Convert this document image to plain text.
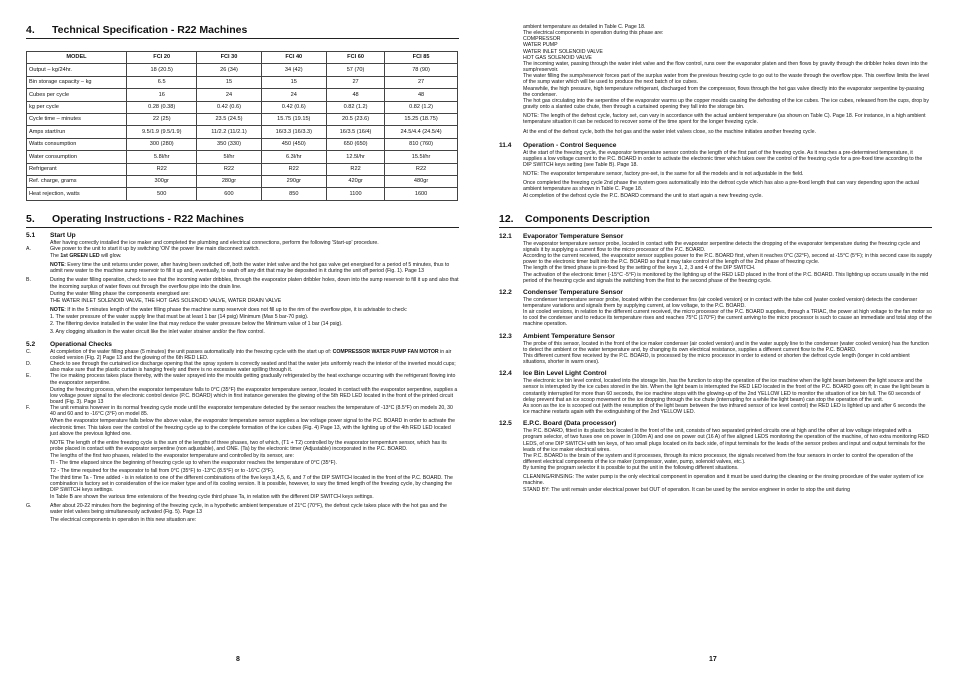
4.	Technical Specification - R22 Machines
MODEL	FCI 20	FCI 30	FCI 40	FCI 60	FCI 85
Output – kg/24hr.	18 (20.5)	26 (34)	34 (42)	57 (70)	78 (90)
Bin storage capacity – kg	6.5	15	15	27	27
Cubes per cycle	16	24	24	48	48
kg per cycle	0.28 (0.38)	0.42 (0.6)	0.42 (0.6)	0.82 (1.2)	0.82 (1.2)
Cycle time – minutes	22 (25)	23.5 (24.5)	15.75 (19.15)	20.5 (23.6)	15.25 (18.75)
Amps start/run	9.5/1.9 (9.5/1.9)	11/2.2 (11/2.1)	16/3.3 (16/3.3)	16/3.5 (16/4)	24.5/4.4 (24.5/4)
Watts consumption	300 (280)	350 (330)	450 (450)	650 (650)	810 (760)
Water consumption	5.8l/hr	5l/hr	6.3l/hr	12.5l/hr	15.5l/hr
Refrigerant	R22	R22	R22	R22	R22
Ref. charge, grams	300gr	280gr	290gr	420gr	480gr
Heat rejection, watts	500	600	850	1100	1600
5.	Operating Instructions - R22 Machines
5.1	Start Up

After having correctly installed the ice maker and completed the plumbing and electrical connections, perform the following 'Start-up' procedure.

A.	Give power to the unit to start it up by switching 'ON' the power line main disconnect switch.

The 1st GREEN LED will glow.

NOTE: Every time the unit returns under power, after having been switched off, both the water inlet valve and the hot gas valve get energised for a period of 5 minutes, thus to admit new water to the machine sump reservoir to fill it up and, eventually, to wash off any dirt that may be deposited in it during the unit off period (Fig. 1). Page 13

B.	During the water filling operation, check to see that the incoming water dribbles, through the evaporator platen dribbler holes, down into the sump reservoir to fill it up and also that the incoming surplus of water flows out through the overflow pipe into the drain line.

During the water filling phase the components energised are:

THE WATER INLET SOLENOID VALVE, THE HOT GAS SOLENOID VALVE, WATER DRAIN VALVE

NOTE: If in the 5 minutes length of the water filling phase the machine sump reservoir does not fill up to the rim of the overflow pipe, it is advisable to check:

1. The water pressure of the water supply line that must be at least 1 bar (14 psig) Minimum (Max 5 bar-70 psig).

2. The filtering device installed in the water line that may reduce the water pressure below the Minimum value of 1 bar (14 psig).

3. Any clogging situation in the water circuit like the inlet water strainer and/or the flow control.

5.2	Operational Checks
C.	At completion of the water filling phase (5 minutes) the unit passes automatically into the freezing cycle with the start up of: COMPRESSOR WATER PUMP FAN MOTOR in air cooled version (Fig. 2) Page 13 and the glowing of the 6th RED LED.

D.	Check to see through the curtained ice discharge opening that the spray system is correctly seated and that the water jets uniformly reach the interior of the inverted mould cups; also make sure that the plastic curtain is hanging freely and there is no excessive water spilling through it.

E.	The ice making process takes place thereby, with the water sprayed into the moulds getting gradually refrigerated by the heat exchange occurring with the refrigerant flowing into the evaporator serpentine.

During the freezing process, when the evaporator temperature falls to 0°C (35°F) the evaporator temperature sensor, located in contact with the evaporator serpentine, supplies a low voltage power signal to the electronic control device (P.C. BOARD) which in first instance generates the glowing of the 5th RED LED located in the front of the printed circuit board (Fig. 3). Page 13

F.	The unit remains however in its normal freezing cycle mode until the evaporator temperature detected by the sensor reaches the temperature of -13°C (8.5°F) on models 20, 30 40 and 60 and to -16°C (3°F) on model 85.

When the evaporator temperature falls below the above value, the evaporator temperature sensor supplies a low voltage power signal to the P.C. BOARD in order to activate the electronic timer. This takes over the control of the freezing cycle up to the complete formation of the ice cubes (Fig. 4) Page 13, with the lighting up of the 4th RED LED located just above the previous lighted one.

NOTE The length of the entire freezing cycle is the sum of the lengths of three phases, two of which, (T1 + T2) controlled by the evaporator tempemtum sensor, which has its probe placed in contact with the evaporator serpentine (non adjustable), and ONE. (Ta) by the electronic timer (Adjustable) incorporated in the P.C. BOARD.

The lengths of the first two phases, related to the evaporator temperature and controlled by its sensor, are:

TI - The time elapsed since the beginning of freezing cycle up to when the evaporator reaches the temperature of 0°C (35°F).

T2 - The time required for the evaporator to fall from 0°C (35°F) to -13°C (8.5°F) or to -16°C (3°F).

The third time Ta - Time added - is in relation to one of the different combinations of the five keys 3,4,5, 6, and 7 of the DIP SWITCH located in the front of the P.C. BOARD. The combination is factory set in consideration of the ice maker type and of its cooling version. It is possible, however, to vary the timed length of the freezing cycle, by changing the DIP SWITCH keys settings.

In Table B are shown the various time extensions of the freezing cycle third phase Ta, in relation with the different DIP SWITCH keys settings.

G.	After about 20-22 minutes from the beginning of the freezing cycle, in a hypothetic ambient temperature of 21°C (70°F), the defrost cycle takes place with the hot gas and the water inlet valves being simultaneously activated (Fig. 5). Page 13

The electrical components in operation in this new situation are:

8

ambient temperature as detailed in Table C. Page 18.

The electrical components in operation during this phase are:

COMPRESSOR

WATER PUMP

WATER INLET SOLENOID VALVE

HOT GAS SOLENOID VALVE

The incoming water, passing through the water inlet valve and the flow control, runs over the evaporator platen and then flows by gravity through the dribbler holes down into the sump/reservoir.

The water filling the sump/reservoir forces part of the surplus water from the previous freezing cycle to go out to the waste through the overflow pipe. This overflow limits the level of the sump water which will be used to produce the next batch of ice cubes.

Meanwhile, the high pressure, high temperature refrigerant, discharged from the compressor, flows through the hot gas valve directly into the evaporator serpentine by-passing the condenser.

The hot gas circulating into the serpentine of the evaporator warms up the copper moulds causing the defrosting of the ice cubes. The ice cubes, released from the cups, drop by gravity onto a slanted cube chute, then through a curtained opening they fall into the storage bin.

NOTE: The length of the defrost cycle, factory set, can vary in accordance with the actual ambient temperature (as shown on Table C). Page 18. For instance, in a high ambient temperature situation it can be reduced to recover some of the time spent for the longer freezing cycle.

At the end of the defrost cycle, both the hot gas and the water inlet valves close, so the machine initiates another freezing cycle.

11.4	Operation - Control Sequence

At the start of the freezing cycle, the evaporator temperature sensor controls the length of the first part of the freezing cycle. As it reaches a pre-determined temperature, it supplies a low voltage current to the P.C. BOARD in order to activate the electronic timer which takes over the control of the freezing cycle for a pre-fixed time according to the DIP SWITCH keys setting (see Table B). Page 18.

NOTE: The evaporator temperature sensor, factory pre-set, is the same for all the models and is not adjustable in the field.

Once completed the freezing cycle 2nd phase the system goes automatically into the defrost cycle which has also a pre-fixed length that can vary depending upon the actual ambient temperature as shown in Table C. Page 18.

At completion of the defrost cycle the P.C. BOARD command the unit to start again a new freezing cycle.

12.	Components Description
12.1	Evaporator Temperature Sensor

The evaporator temperature sensor probe, located in contact with the evaporator serpentine detects the dropping of the evaporator temperature during the freezing cycle and signals it by supplying a current flow to the micro processor of the P.C. BOARD.

According to the current received, the evaporator sensor supplies power to the P.C. BOARD first, when it reaches 0°C (32°F), second at -15°C (5°F); in this second case its supply power to the electronic timer built into the P.C. BOARD so that it may take control of the length of the 2nd phase of freezing cycle.

The length of the timed phase is pre-fixed by the setting of the keys 1, 2, 3 and 4 of the DIP SWITCH.

The activation of the electronic timer (-15°C -5°F) is monitored by the lighting up of the RED LED placed in the front of the P.C. BOARD. This lighting up occurs usually in the mid period of the freezing cycle and signals the switching from the first to the second phase of the freezing cycle.

12.2	Condenser Temperature Sensor

The condenser temperature sensor probe, located within the condenser fins (air cooled version) or in contact with the tube coil (water cooled version) detects the condenser temperature variations and signals them by supplying current, at low voltage, to the P.C. BOARD.

In air cooled versions, in relation to the different current received, the micro processor of the P.C. BOARD supplies, through a TRIAC, the power at high voltage to the fan motor so to cool the condenser and to reduce its temperature rises and reaches 75°C (170°F) the current arriving to the micro processor is such to cause an immediate and total stop of the machine operation.

12.3	Ambient Temperature Sensor

The probe of this sensor, located in the front of the ice maker condenser (air cooled version) and in the water supply line to the condenser (water cooled version) has the function to detect the ambient or the water temperature and, by changing its own electrical resistance, supplies a different current flow to the P.C. BOARD.

This different current flow received by the P.C. BOARD, is processed by the micro processor in order to extend or shorten the defrost cycle length (longer in cold ambient situations, shorter in warm ones).

12.4	Ice Bin Level Light Control

The electronic ice bin level control, located into the storage bin, has the function to stop the operation of the ice machine when the light beam between the light source and the sensor is interrupted by the ice cubes stored in the bin. When the light beam is interrupted the RED LED located in the front of the P.C. BOARD goes off; in case the light beam is constantly interrupted for more than 60 seconds, the ice machine stops with the glowing-up of the 2nd YELLOW LED to monitor the situation of ice bin full. The 60 seconds of delay prevent that an ice scoop movement or the ice dropping through the ice chute (interrupting for a while the light beam) can stop the operation of the unit.

As soon as the ice is scooped out (with the resumption of the light beam between the two infrared sensor of ice level control) the RED LED is lighted up and after 6 seconds the ice machine restarts again with the extinguishing of the 2nd YELLOW LED.

12.5	E.P.C. Board (Data processor)

The P.C. BOARD, fitted in its plastic box located in the front of the unit, consists of two separated printed circuits one at high and the other at low voltage integrated with a program selector, of two fuses one on power in (100m A) and one on power out (16 A) of five aligned LEDS monitoring the operation of the machine, of two extra monitoring RED LEDS, of one DIP SWITCH with ten keys, of two small plugs located on its back side, of input terminals for the leads of the sensor probes and input and output terminals for the leads of the ice maker electrical wires.

The P.C. BOARD is the brain of the system and it processes, through its micro processor, the signals received from the four sensors in order to control the operation of the different electrical components of the ice maker (compressor, water, pump, solenoid valves, etc.).

By turning the program selector it is possible to put the unit in the following different situations.

CLEANING/RINSING: The water pump is the only electrical component in operation and it must be used during the cleaning or the rinsing procedure of the water system of ice machine.

STAND BY: The unit remain under electrical power but OUT of operation. It can be used by the service engineer in order to stop the unit during

17
